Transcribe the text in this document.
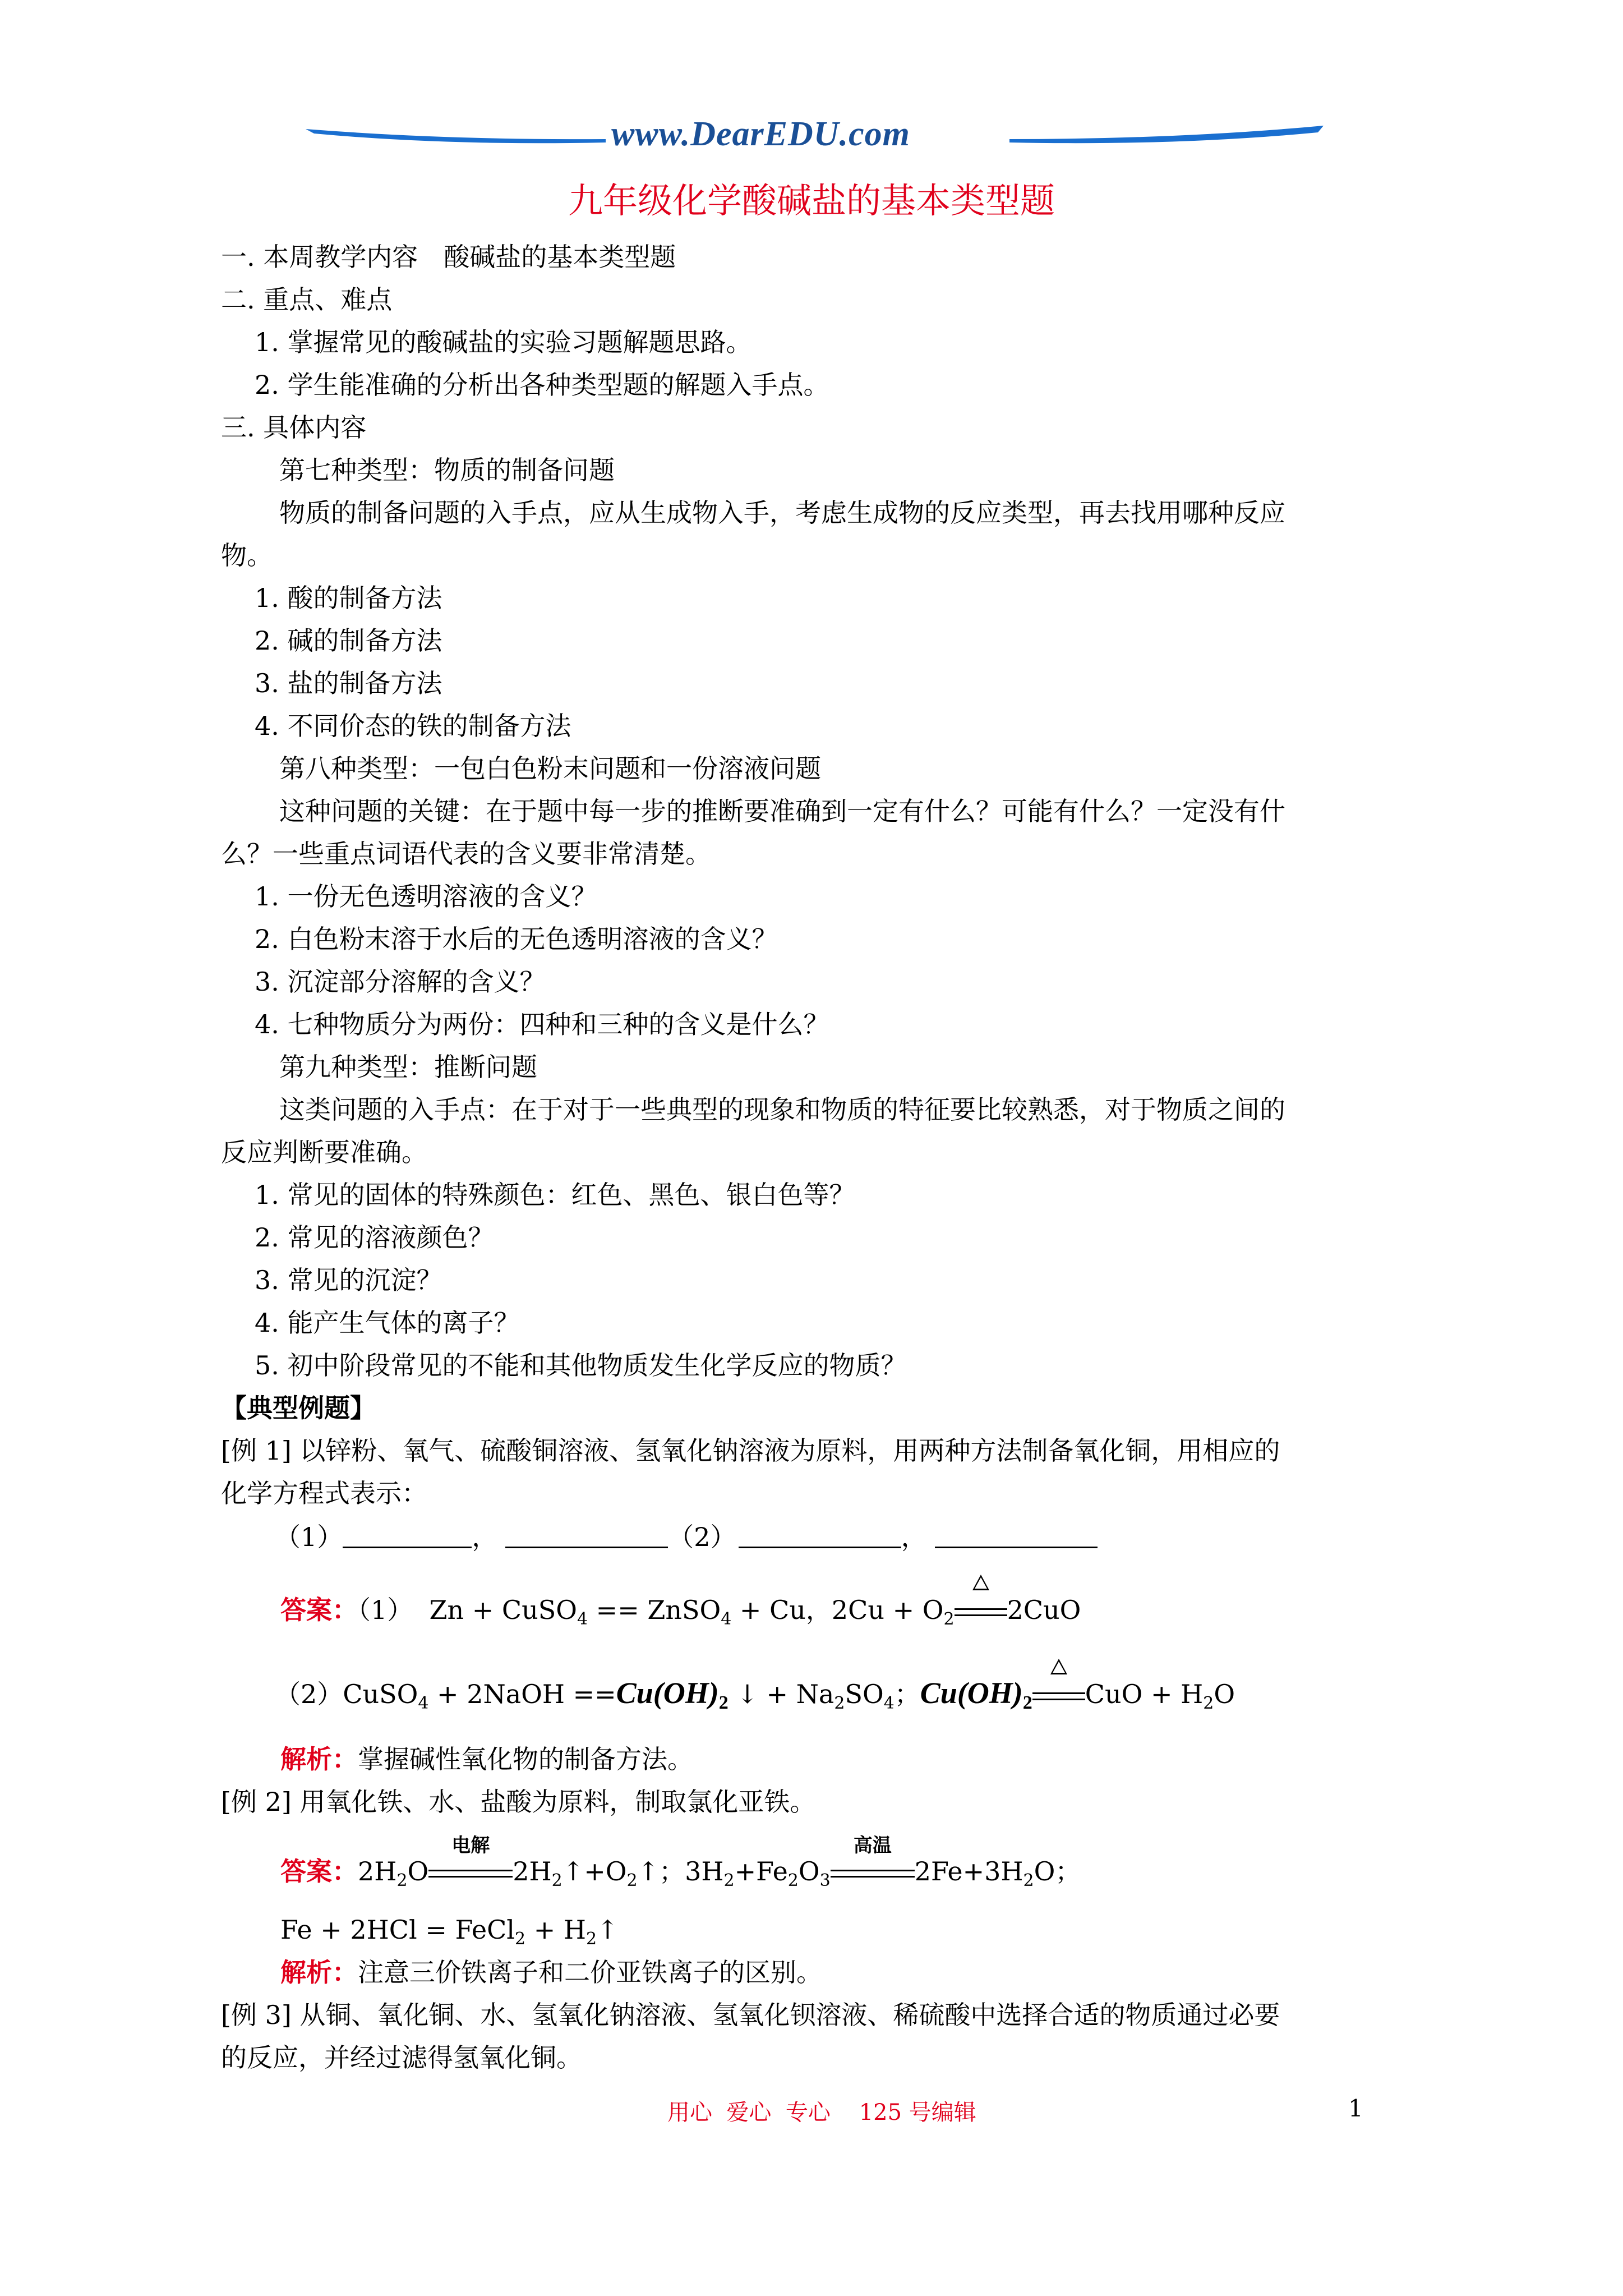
www.DearEDU.com
九年级化学酸碱盐的基本类型题
一. 本周教学内容　酸碱盐的基本类型题
二. 重点、难点
1. 掌握常见的酸碱盐的实验习题解题思路。
2. 学生能准确的分析出各种类型题的解题入手点。
三. 具体内容
第七种类型：物质的制备问题
物质的制备问题的入手点，应从生成物入手，考虑生成物的反应类型，再去找用哪种反应
物。
1. 酸的制备方法
2. 碱的制备方法
3. 盐的制备方法
4. 不同价态的铁的制备方法
第八种类型：一包白色粉末问题和一份溶液问题
这种问题的关键：在于题中每一步的推断要准确到一定有什么？可能有什么？一定没有什
么？一些重点词语代表的含义要非常清楚。
1. 一份无色透明溶液的含义？
2. 白色粉末溶于水后的无色透明溶液的含义？
3. 沉淀部分溶解的含义？
4. 七种物质分为两份：四种和三种的含义是什么？
第九种类型：推断问题
这类问题的入手点：在于对于一些典型的现象和物质的特征要比较熟悉，对于物质之间的
反应判断要准确。
1. 常见的固体的特殊颜色：红色、黑色、银白色等？
2. 常见的溶液颜色？
3. 常见的沉淀？
4. 能产生气体的离子？
5. 初中阶段常见的不能和其他物质发生化学反应的物质？
【典型例题】
[例 1] 以锌粉、氧气、硫酸铜溶液、氢氧化钠溶液为原料，用两种方法制备氧化铜，用相应的
化学方程式表示：
（1）	，	（2）	，
答案：（1） Zn + CuSO$_4$ == ZnSO$_4$ + Cu，$2Cu + O_2$ 2CuO
（2）CuSO$_4$ + 2NaOH $==Cu(OH)_2$ ↓ + $Na_2SO_4$；$Cu(OH)_2$ CuO + $H_2O$
解析：掌握碱性氧化物的制备方法。
[例 2] 用氧化铁、水、盐酸为原料，制取氯化亚铁。
答案：$2H_2O$
电解
$2H_2↑+O_2↑$；$3H_2+Fe_2O_3$
高温
$2Fe+3H_2O$；
Fe + 2HCl = FeCl$_2$ + $H_2↑$
解析：注意三价铁离子和二价亚铁离子的区别。
[例 3] 从铜、氧化铜、水、氢氧化钠溶液、氢氧化钡溶液、稀硫酸中选择合适的物质通过必要
的反应，并经过滤得氢氧化铜。
用心  爱心  专心    125 号编辑	1
